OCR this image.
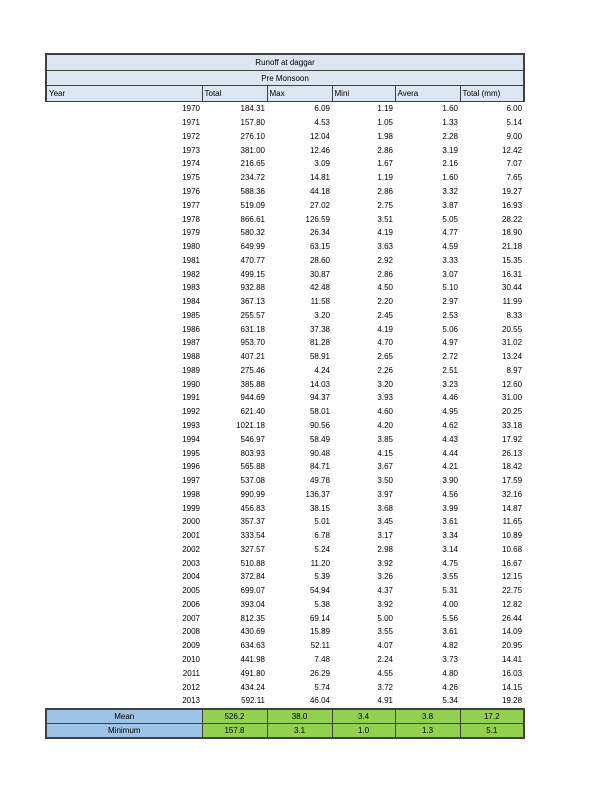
Runoff at daggar					
Pre Monsoon					
Year	Total	Max	Mini	Avera	Total (mm)
1970	184.31	6.09	1.19	1.60	6.00
1971	157.80	4.53	1.05	1.33	5.14
1972	276.10	12.04	1.98	2.28	9.00
1973	381.00	12.46	2.86	3.19	12.42
1974	216.65	3.09	1.67	2.16	7.07
1975	234.72	14.81	1.19	1.60	7.65
1976	588.36	44.18	2.86	3.32	19.27
1977	519.09	27.02	2.75	3.87	16.93
1978	866.61	126.59	3.51	5.05	28.22
1979	580.32	26.34	4.19	4.77	18.90
1980	649.99	63.15	3.63	4.59	21.18
1981	470.77	28.60	2.92	3.33	15.35
1982	499.15	30.87	2.86	3.07	16.31
1983	932.88	42.48	4.50	5.10	30.44
1984	367.13	11.58	2.20	2.97	11.99
1985	255.57	3.20	2.45	2.53	8.33
1986	631.18	37.38	4.19	5.06	20.55
1987	953.70	81.28	4.70	4.97	31.02
1988	407.21	58.91	2.65	2.72	13.24
1989	275.46	4.24	2.26	2.51	8.97
1990	385.88	14.03	3.20	3.23	12.60
1991	944.69	94.37	3.93	4.46	31.00
1992	621.40	58.01	4.60	4.95	20.25
1993	1021.18	90.56	4.20	4.62	33.18
1994	546.97	58.49	3.85	4.43	17.92
1995	803.93	90.48	4.15	4.44	26.13
1996	565.88	84.71	3.67	4.21	18.42
1997	537.08	49.78	3.50	3.90	17.59
1998	990.99	136.37	3.97	4.56	32.16
1999	456.83	38.15	3.68	3.99	14.87
2000	357.37	5.01	3.45	3.61	11.65
2001	333.54	6.78	3.17	3.34	10.89
2002	327.57	5.24	2.98	3.14	10.68
2003	510.88	11.20	3.92	4.75	16.67
2004	372.84	5.39	3.26	3.55	12.15
2005	699.07	54.94	4.37	5.31	22.75
2006	393.04	5.38	3.92	4.00	12.82
2007	812.35	69.14	5.00	5.56	26.44
2008	430.69	15.89	3.55	3.61	14.09
2009	634.63	52.11	4.07	4.82	20.95
2010	441.98	7.48	2.24	3.73	14.41
2011	491.80	26.29	4.55	4.80	16.03
2012	434.24	5.74	3.72	4.26	14.15
2013	592.11	46.04	4.91	5.34	19.28
Mean	526.2	38.0	3.4	3.8	17.2
Minimum	157.8	3.1	1.0	1.3	5.1
